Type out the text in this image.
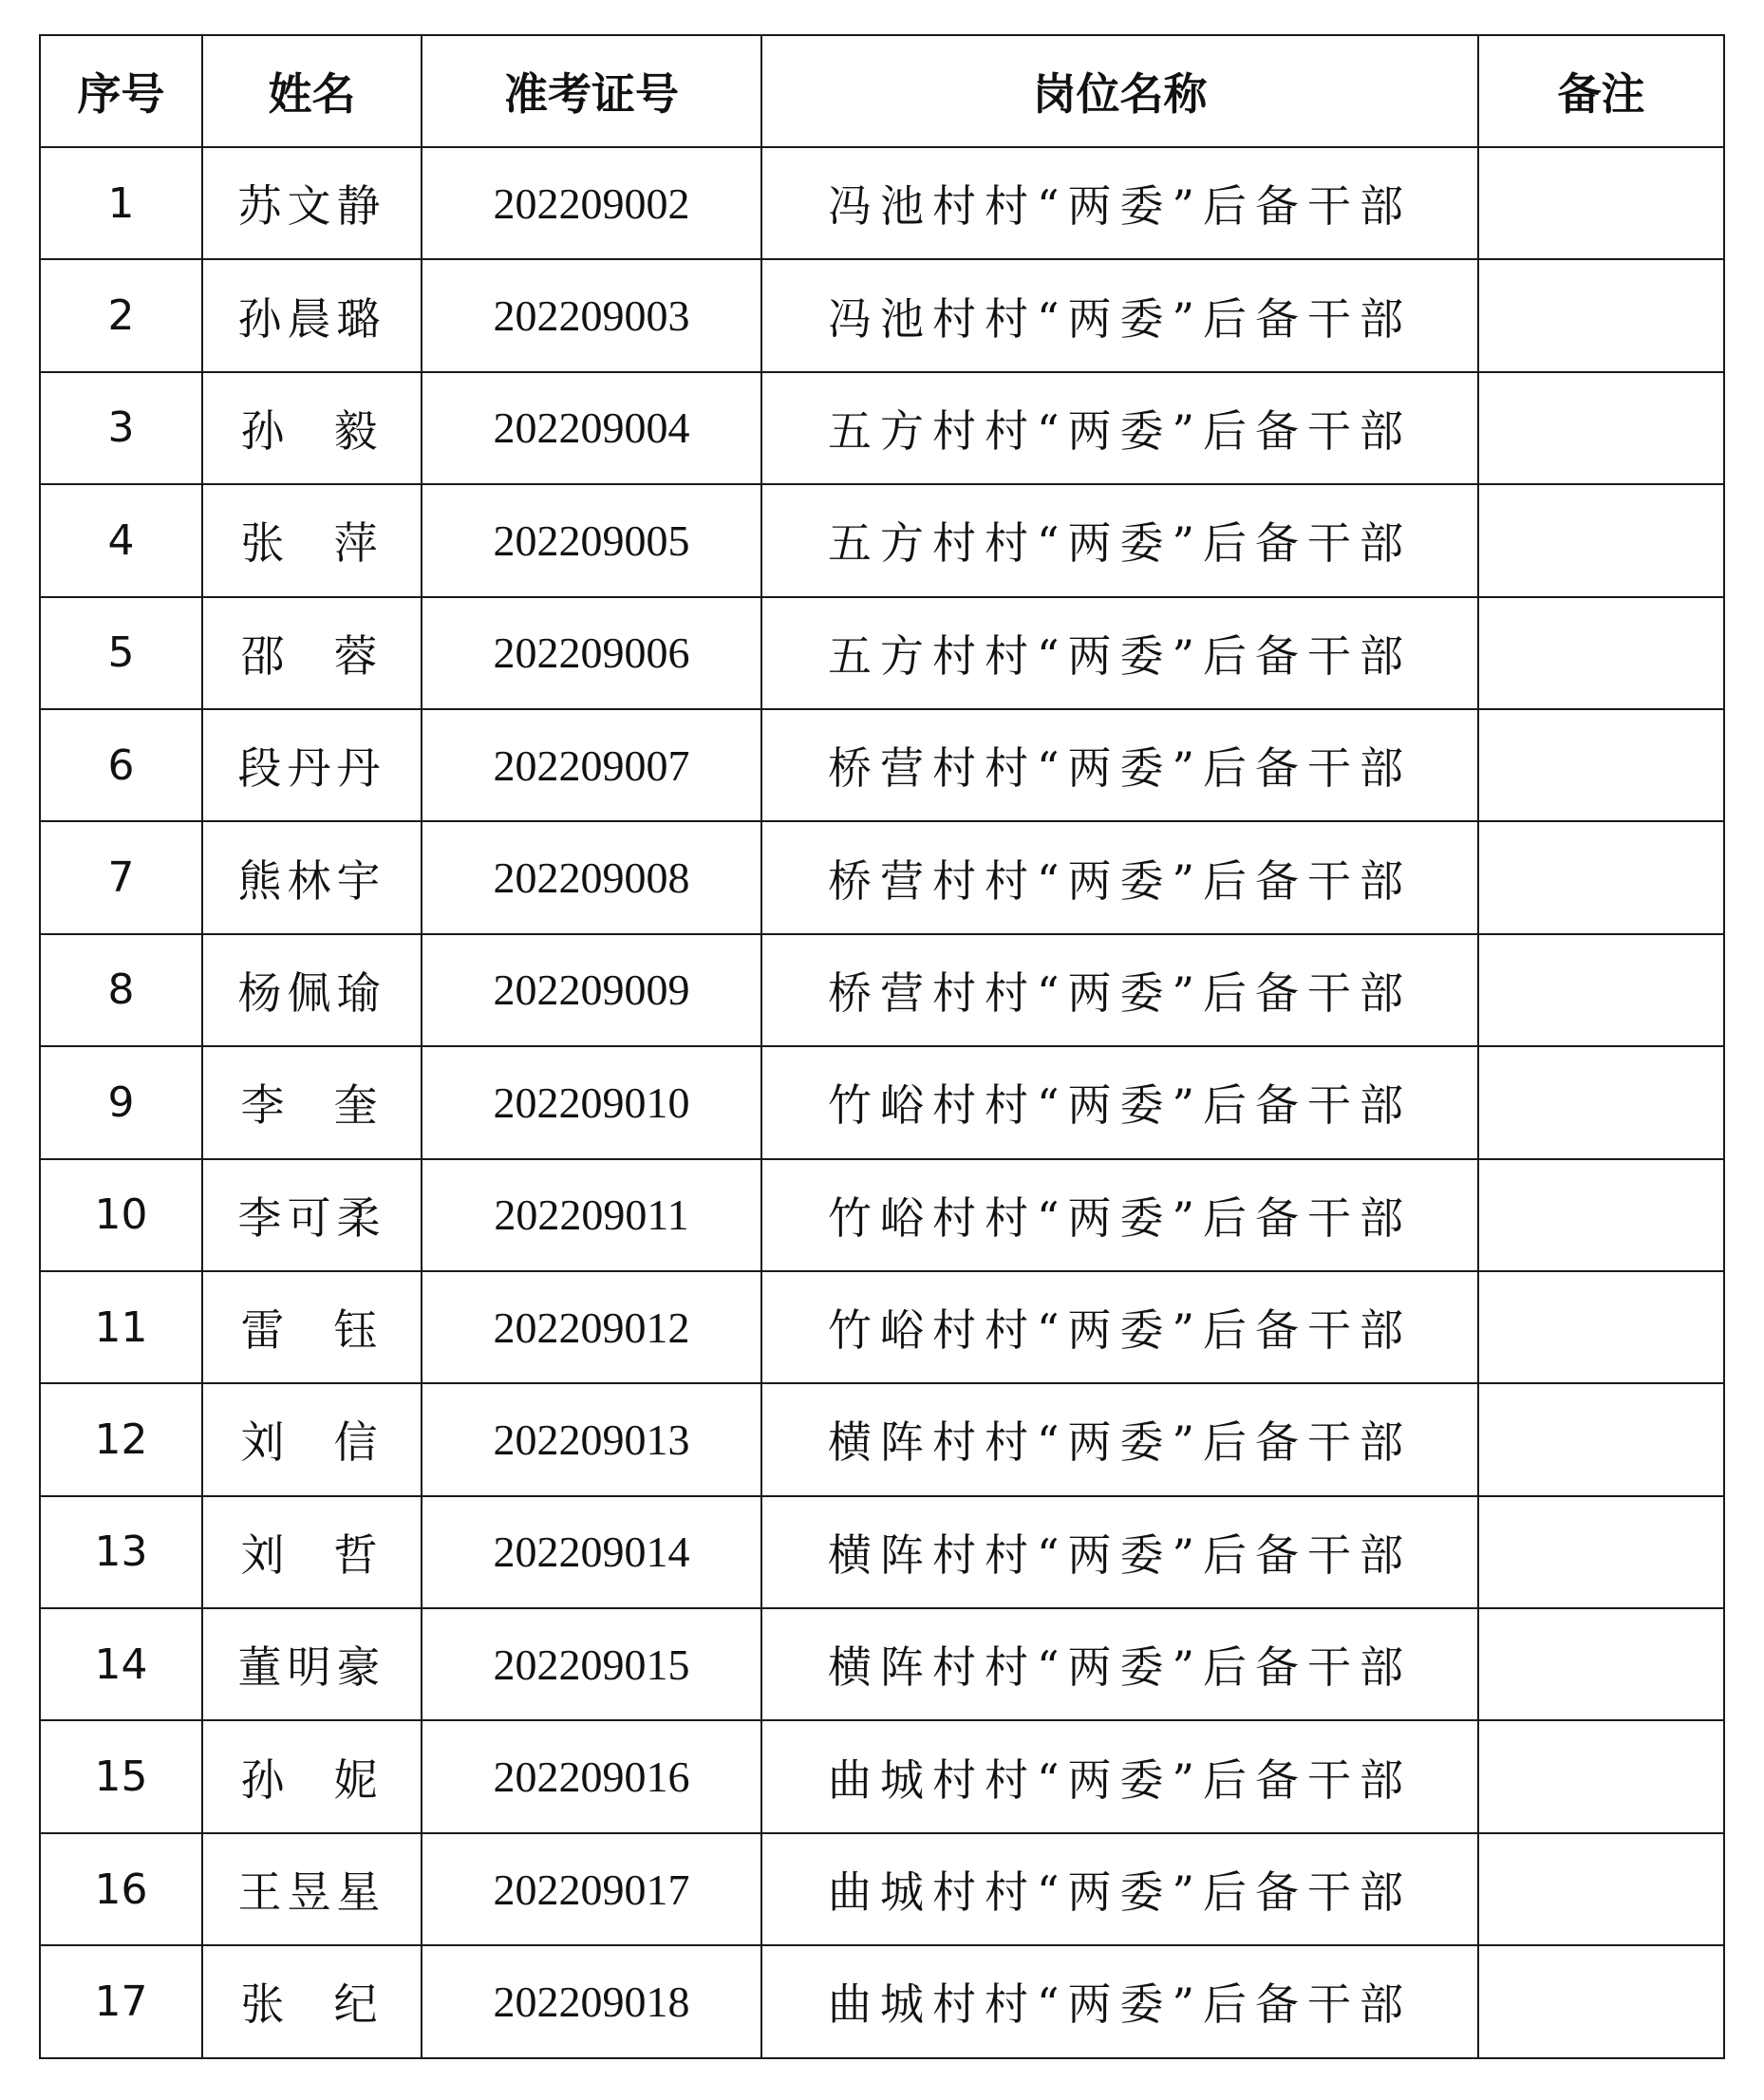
序号	姓名	准考证号	岗位名称	备注
1	苏文静	202209002	冯池村村“两委”后备干部	
2	孙晨璐	202209003	冯池村村“两委”后备干部	
3	孙毅	202209004	五方村村“两委”后备干部	
4	张萍	202209005	五方村村“两委”后备干部	
5	邵蓉	202209006	五方村村“两委”后备干部	
6	段丹丹	202209007	桥营村村“两委”后备干部	
7	熊林宇	202209008	桥营村村“两委”后备干部	
8	杨佩瑜	202209009	桥营村村“两委”后备干部	
9	李奎	202209010	竹峪村村“两委”后备干部	
10	李可柔	202209011	竹峪村村“两委”后备干部	
11	雷钰	202209012	竹峪村村“两委”后备干部	
12	刘信	202209013	横阵村村“两委”后备干部	
13	刘哲	202209014	横阵村村“两委”后备干部	
14	董明豪	202209015	横阵村村“两委”后备干部	
15	孙妮	202209016	曲城村村“两委”后备干部	
16	王昱星	202209017	曲城村村“两委”后备干部	
17	张纪	202209018	曲城村村“两委”后备干部	
